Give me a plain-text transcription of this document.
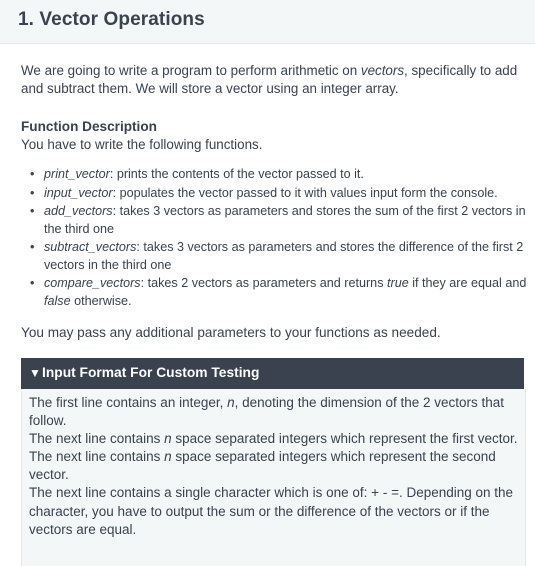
1. Vector Operations

We are going to write a program to perform arithmetic on vectors, specifically to add and subtract them. We will store a vector using an integer array.

Function Description

You have to write the following functions.

• print_vector: prints the contents of the vector passed to it.
• input_vector: populates the vector passed to it with values input form the console.
• add_vectors: takes 3 vectors as parameters and stores the sum of the first 2 vectors in the third one
• subtract_vectors: takes 3 vectors as parameters and stores the difference of the first 2 vectors in the third one
• compare_vectors: takes 2 vectors as parameters and returns true if they are equal and false otherwise.

You may pass any additional parameters to your functions as needed.

▼ Input Format For Custom Testing

The first line contains an integer, n, denoting the dimension of the 2 vectors that follow.

The next line contains n space separated integers which represent the first vector.

The next line contains n space separated integers which represent the second vector.

The next line contains a single character which is one of: + - =. Depending on the character, you have to output the sum or the difference of the vectors or if the vectors are equal.
